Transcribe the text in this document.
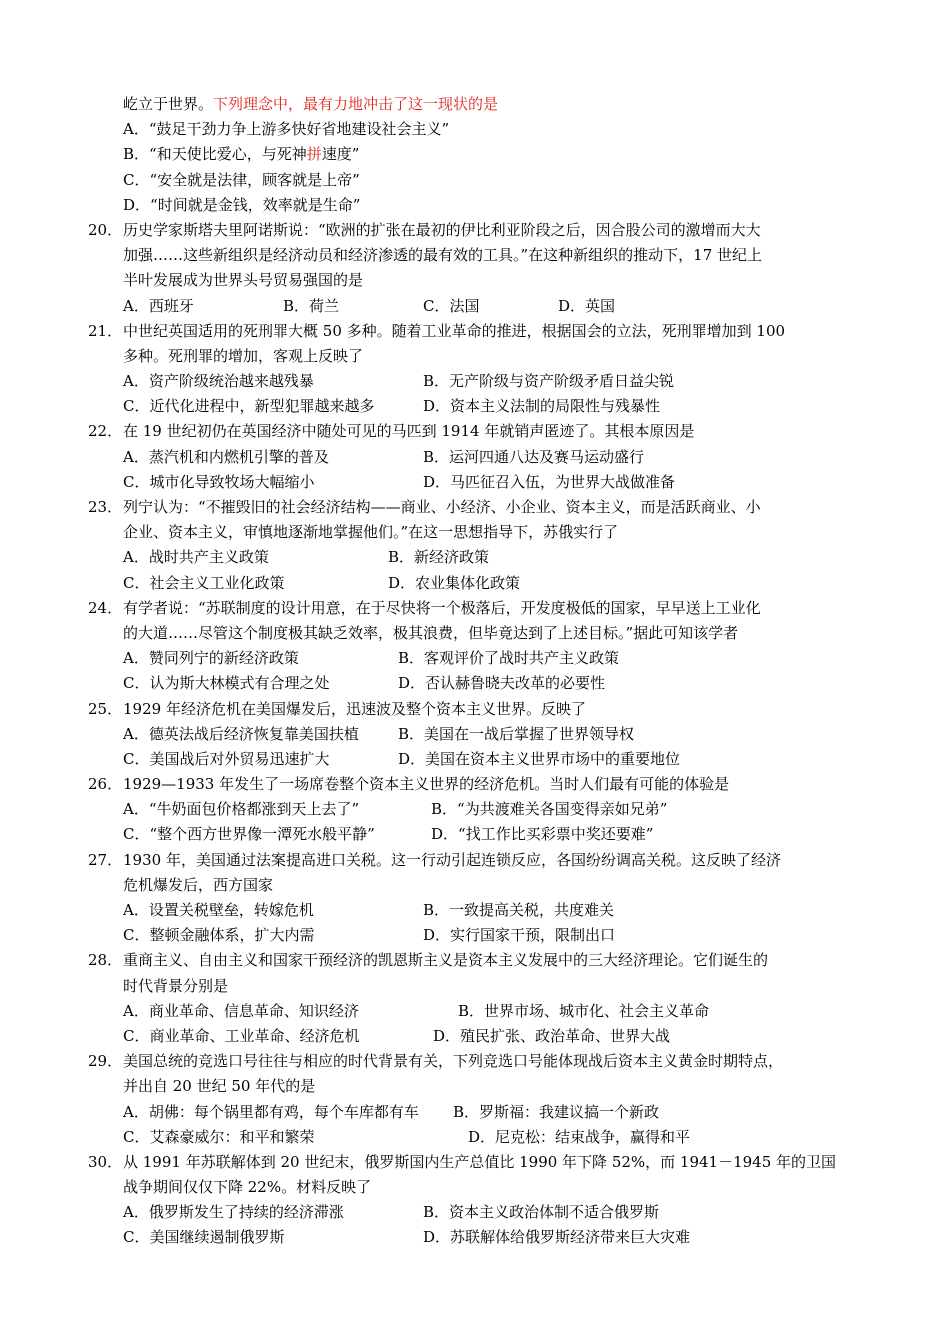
屹立于世界。下列理念中，最有力地冲击了这一现状的是
A．“鼓足干劲力争上游多快好省地建设社会主义”
B．“和天使比爱心，与死神 拼 速度”
C．“安全就是法律，顾客就是上帝”
D．“时间就是金钱，效率就是生命”
20． 历史学家斯塔夫里阿诺斯说：“欧洲的扩张在最初的伊比利亚阶段之后，因合股公司的激增而大大
加强……这些新组织是经济动员和经济渗透的最有效的工具。”在这种新组织的推动下，17 世纪上
半叶发展成为世界头号贸易强国的是
A．西班牙	B．荷兰	C．法国	D．英国
21． 中世纪英国适用的死刑罪大概 50 多种。随着工业革命的推进，根据国会的立法，死刑罪增加到 100
多种。死刑罪的增加，客观上反映了
A．资产阶级统治越来越残暴	B．无产阶级与资产阶级矛盾日益尖锐
C．近代化进程中，新型犯罪越来越多	D．资本主义法制的局限性与残暴性
22． 在 19 世纪初仍在英国经济中随处可见的马匹到 1914 年就销声匿迹了。其根本原因是
A．蒸汽机和内燃机引擎的普及	B．运河四通八达及赛马运动盛行
C．城市化导致牧场大幅缩小	D．马匹征召入伍，为世界大战做准备
23． 列宁认为：“不摧毁旧的社会经济结构——商业、小经济、小企业、资本主义，而是活跃商业、小
企业、资本主义，审慎地逐渐地掌握他们。”在这一思想指导下，苏俄实行了
A．战时共产主义政策	B．新经济政策
C．社会主义工业化政策	D．农业集体化政策
24． 有学者说：“苏联制度的设计用意，在于尽快将一个极落后，开发度极低的国家，早早送上工业化
的大道……尽管这个制度极其缺乏效率，极其浪费，但毕竟达到了上述目标。”据此可知该学者
A．赞同列宁的新经济政策	B．客观评价了战时共产主义政策
C．认为斯大林模式有合理之处	D．否认赫鲁晓夫改革的必要性
25． 1929 年经济危机在美国爆发后，迅速波及整个资本主义世界。反映了
A．德英法战后经济恢复靠美国扶植	B．美国在一战后掌握了世界领导权
C．美国战后对外贸易迅速扩大	D．美国在资本主义世界市场中的重要地位
26． 1929—1933 年发生了一场席卷整个资本主义世界的经济危机。当时人们最有可能的体验是
A．“牛奶面包价格都涨到天上去了”	B．“为共渡难关各国变得亲如兄弟”
C．“整个西方世界像一潭死水般平静”	D．“找工作比买彩票中奖还要难”
27． 1930 年，美国通过法案提高进口关税。这一行动引起连锁反应，各国纷纷调高关税。这反映了经济
危机爆发后，西方国家
A．设置关税壁垒，转嫁危机	B．一致提高关税，共度难关
C．整顿金融体系，扩大内需	D．实行国家干预，限制出口
28． 重商主义、自由主义和国家干预经济的凯恩斯主义是资本主义发展中的三大经济理论。它们诞生的
时代背景分别是
A．商业革命、信息革命、知识经济	B．世界市场、城市化、社会主义革命
C．商业革命、工业革命、经济危机	D．殖民扩张、政治革命、世界大战
29． 美国总统的竞选口号往往与相应的时代背景有关，下列竞选口号能体现战后资本主义黄金时期特点，
并出自 20 世纪 50 年代的是
A．胡佛：每个锅里都有鸡，每个车库都有车	B．罗斯福：我建议搞一个新政
C．艾森豪威尔：和平和繁荣	D．尼克松：结束战争，赢得和平
30． 从 1991 年苏联解体到 20 世纪末，俄罗斯国内生产总值比 1990 年下降 52%，而 1941－1945 年的卫国
战争期间仅仅下降 22%。材料反映了
A．俄罗斯发生了持续的经济滞涨	B．资本主义政治体制不适合俄罗斯
C．美国继续遏制俄罗斯	D．苏联解体给俄罗斯经济带来巨大灾难
